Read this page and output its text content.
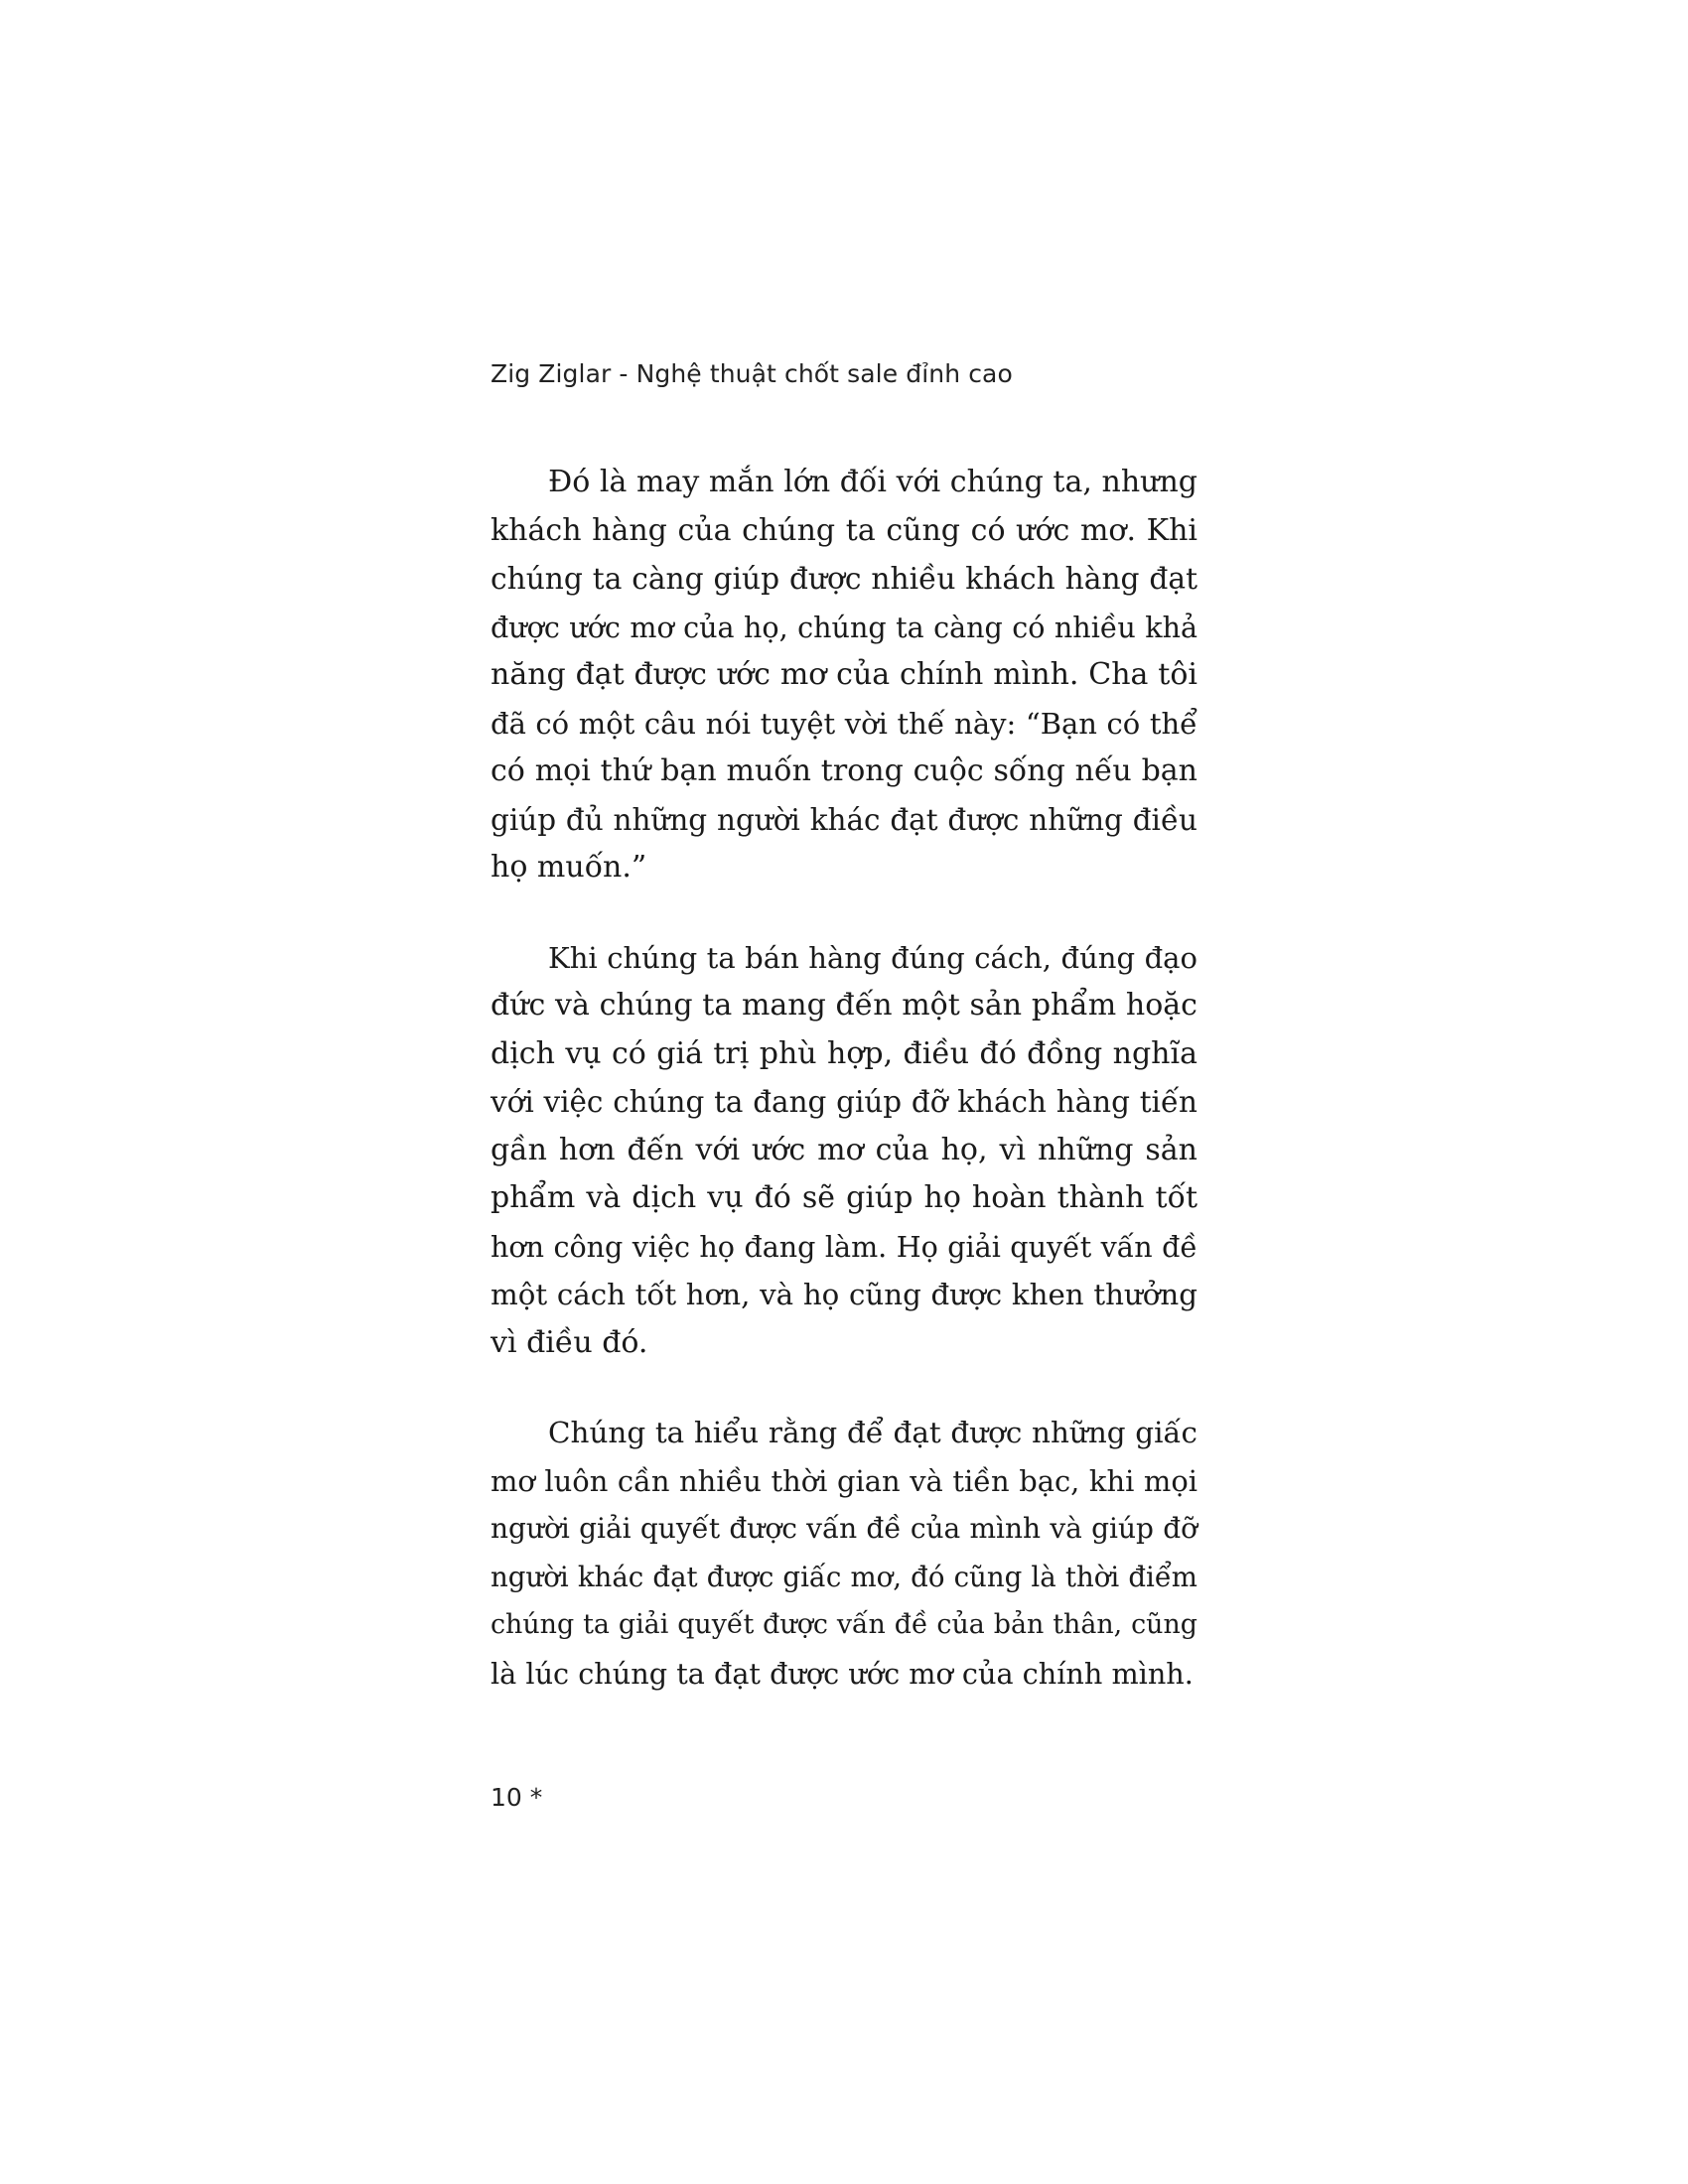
Zig Ziglar - Nghệ thuật chốt sale đỉnh cao

Đó là may mắn lớn đối với chúng ta, nhưng
khách hàng của chúng ta cũng có ước mơ. Khi
chúng ta càng giúp được nhiều khách hàng đạt
được ước mơ của họ, chúng ta càng có nhiều khả
năng đạt được ước mơ của chính mình. Cha tôi
đã có một câu nói tuyệt vời thế này: “Bạn có thể
có mọi thứ bạn muốn trong cuộc sống nếu bạn
giúp đủ những người khác đạt được những điều
họ muốn.”

Khi chúng ta bán hàng đúng cách, đúng đạo
đức và chúng ta mang đến một sản phẩm hoặc
dịch vụ có giá trị phù hợp, điều đó đồng nghĩa
với việc chúng ta đang giúp đỡ khách hàng tiến
gần hơn đến với ước mơ của họ, vì những sản
phẩm và dịch vụ đó sẽ giúp họ hoàn thành tốt
hơn công việc họ đang làm. Họ giải quyết vấn đề
một cách tốt hơn, và họ cũng được khen thưởng
vì điều đó.

Chúng ta hiểu rằng để đạt được những giấc
mơ luôn cần nhiều thời gian và tiền bạc, khi mọi
người giải quyết được vấn đề của mình và giúp đỡ
người khác đạt được giấc mơ, đó cũng là thời điểm
chúng ta giải quyết được vấn đề của bản thân, cũng
là lúc chúng ta đạt được ước mơ của chính mình.

10 *
